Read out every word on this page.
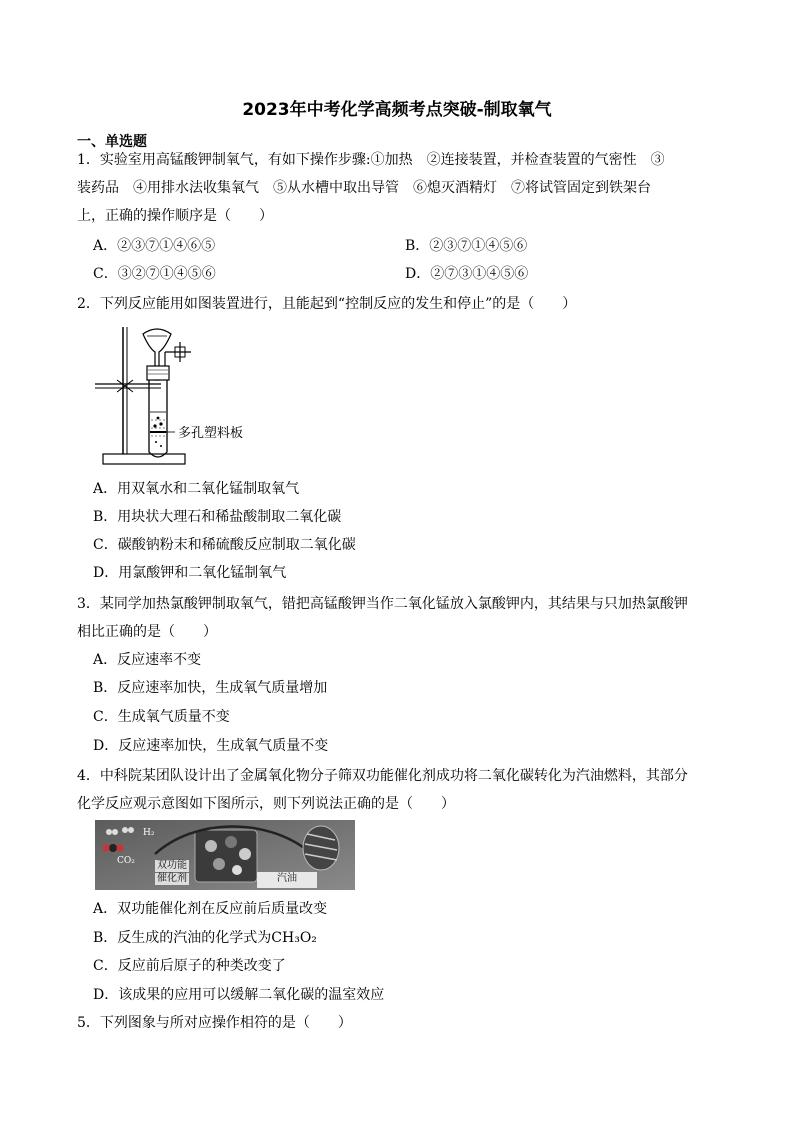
2023年中考化学高频考点突破-制取氧气
一、单选题
1．实验室用高锰酸钾制氧气，有如下操作步骤:①加热　②连接装置，并检查装置的气密性　③
装药品　④用排水法收集氧气　⑤从水槽中取出导管　⑥熄灭酒精灯　⑦将试管固定到铁架台
上，正确的操作顺序是（　　）
A．②③⑦①④⑥⑤	B．②③⑦①④⑤⑥
C．③②⑦①④⑤⑥	D．②⑦③①④⑤⑥
2．下列反应能用如图装置进行，且能起到“控制反应的发生和停止”的是（　　）
多孔塑料板
A．用双氧水和二氧化锰制取氧气
B．用块状大理石和稀盐酸制取二氧化碳
C．碳酸钠粉末和稀硫酸反应制取二氧化碳
D．用氯酸钾和二氧化锰制氧气
3．某同学加热氯酸钾制取氧气，错把高锰酸钾当作二氧化锰放入氯酸钾内，其结果与只加热氯酸钾
相比正确的是（　　）
A．反应速率不变
B．反应速率加快，生成氧气质量增加
C．生成氧气质量不变
D．反应速率加快，生成氧气质量不变
4．中科院某团队设计出了金属氧化物分子筛双功能催化剂成功将二氧化碳转化为汽油燃料，其部分
化学反应观示意图如下图所示，则下列说法正确的是（　　）
H₂
CO₂ 双功能
催化剂	汽油
A．双功能催化剂在反应前后质量改变
B．反生成的汽油的化学式为CH₃O₂
C．反应前后原子的种类改变了
D．该成果的应用可以缓解二氧化碳的温室效应
5．下列图象与所对应操作相符的是（　　）
